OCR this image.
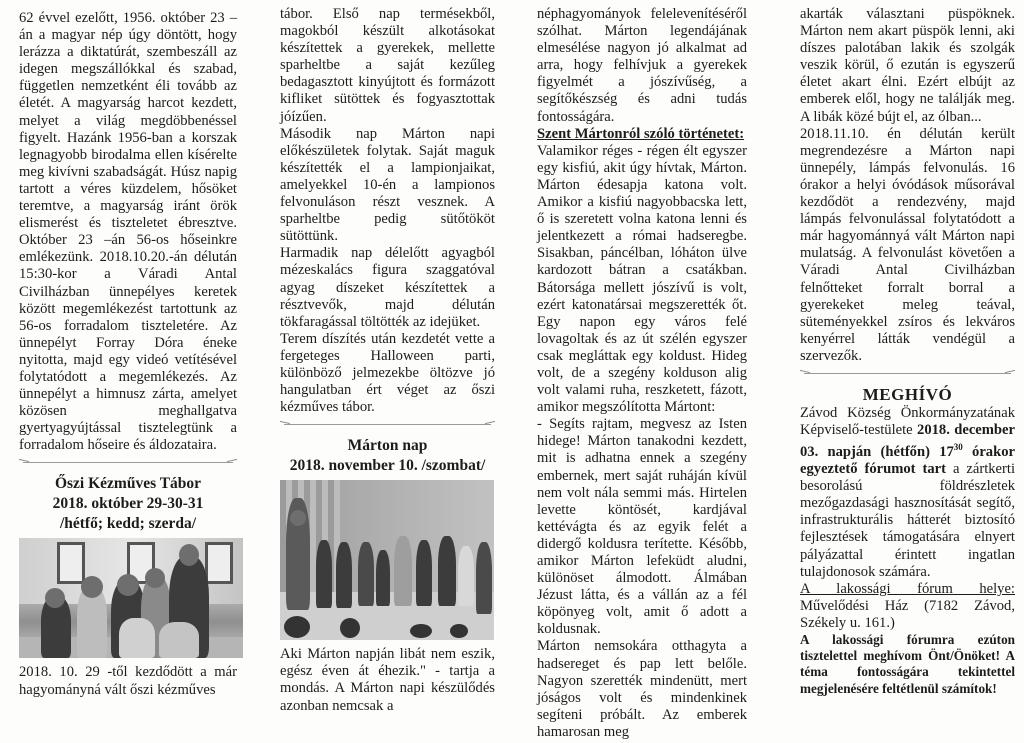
62 évvel ezelőtt, 1956. október 23 – án a magyar nép úgy döntött, hogy lerázza a diktatúrát, szembeszáll az idegen megszállókkal és szabad, független nemzetként éli tovább az életét. A magyarság harcot kezdett, melyet a világ megdöbbenéssel figyelt. Hazánk 1956-ban a korszak legnagyobb birodalma ellen kísérelte meg kivívni szabadságát. Húsz napig tartott a véres küzdelem, hősöket teremtve, a magyarság iránt örök elismerést és tiszteletet ébresztve. Október 23 –án 56-os hőseinkre emlékezünk. 2018.10.20.-án délután 15:30-kor a Váradi Antal Civilházban ünnepélyes keretek között megemlékezést tartottunk az 56-os forradalom tiszteletére. Az ünnepélyt Forray Dóra éneke nyitotta, majd egy videó vetítésével folytatódott a megemlékezés. Az ünnepélyt a himnusz zárta, amelyet közösen meghallgatva gyertyagyújtással tisztelegtünk a forradalom hőseire és áldozataira.

Őszi Kézműves Tábor
2018. október 29-30-31
/hétfő; kedd; szerda/

2018. 10. 29 -től kezdődött a már hagyományná vált őszi kézműves

tábor. Első nap termésekből, magokból készült alkotásokat készítettek a gyerekek, mellette sparheltbe a saját kezűleg bedagasztott kinyújtott és formázott kifliket sütöttek és fogyasztottak jóízűen.

Második nap Márton napi előkészületek folytak. Saját maguk készítették el a lampionjaikat, amelyekkel 10-én a lampionos felvonuláson részt vesznek. A sparheltbe pedig sütőtököt sütöttünk.

Harmadik nap délelőtt agyagból mézeskalács figura szaggatóval agyag díszeket készítettek a résztvevők, majd délután tökfaragással töltötték az idejüket.

Terem díszítés után kezdetét vette a fergeteges Halloween parti, különböző jelmezekbe öltözve jó hangulatban ért véget az őszi kézműves tábor.

Márton nap
2018. november 10. /szombat/

Aki Márton napján libát nem eszik, egész éven át éhezik." - tartja a mondás. A Márton napi készülődés azonban nemcsak a

néphagyományok felelevenítéséről szólhat. Márton legendájának elmesélése nagyon jó alkalmat ad arra, hogy felhívjuk a gyerekek figyelmét a jószívűség, a segítőkészség és adni tudás fontosságára.

Szent Mártonról szóló történetet:

Valamikor réges - régen élt egyszer egy kisfiú, akit úgy hívtak, Márton. Márton édesapja katona volt. Amikor a kisfiú nagyobbacska lett, ő is szeretett volna katona lenni és jelentkezett a római hadseregbe. Sisakban, páncélban, lóháton ülve kardozott bátran a csatákban. Bátorsága mellett jószívű is volt, ezért katonatársai megszerették őt. Egy napon egy város felé lovagoltak és az út szélén egyszer csak megláttak egy koldust. Hideg volt, de a szegény kolduson alig volt valami ruha, reszketett, fázott, amikor megszólította Mártont:

- Segíts rajtam, megvesz az Isten hidege! Márton tanakodni kezdett, mit is adhatna ennek a szegény embernek, mert saját ruháján kívül nem volt nála semmi más. Hirtelen levette köntösét, kardjával kettévágta és az egyik felét a didergő koldusra terítette. Később, amikor Márton lefeküdt aludni, különöset álmodott. Álmában Jézust látta, és a vállán az a fél köpönyeg volt, amit ő adott a koldusnak.

Márton nemsokára otthagyta a hadsereget és pap lett belőle. Nagyon szerették mindenütt, mert jóságos volt és mindenkinek segíteni próbált. Az emberek hamarosan meg

akarták választani püspöknek. Márton nem akart püspök lenni, aki díszes palotában lakik és szolgák veszik körül, ő ezután is egyszerű életet akart élni. Ezért elbújt az emberek elől, hogy ne találják meg. A libák közé bújt el, az ólban...

2018.11.10. én délután került megrendezésre a Márton napi ünnepély, lámpás felvonulás. 16 órakor a helyi óvódások műsorával kezdődöt a rendezvény, majd lámpás felvonulással folytatódott a már hagyománnyá vált Márton napi mulatság. A felvonulást követően a Váradi Antal Civilházban felnőtteket forralt borral a gyerekeket meleg teával, süteményekkel zsíros és lekváros kenyérrel látták vendégül a szervezők.

MEGHÍVÓ

Závod Község Önkormányzatának Képviselő-testülete 2018. december 03. napján (hétfőn) $17^{30}$ órakor egyeztető fórumot tart a zártkerti besorolású földrészletek mezőgazdasági hasznosítását segítő, infrastrukturális hátterét biztosító fejlesztések támogatására elnyert pályázattal érintett ingatlan tulajdonosok számára.

A lakossági fórum helye: Művelődési Ház (7182 Závod, Székely u. 161.)

A lakossági fórumra ezúton tisztelettel meghívom Önt/Önöket! A téma fontosságára tekintettel megjelenésére feltétlenül számítok!
